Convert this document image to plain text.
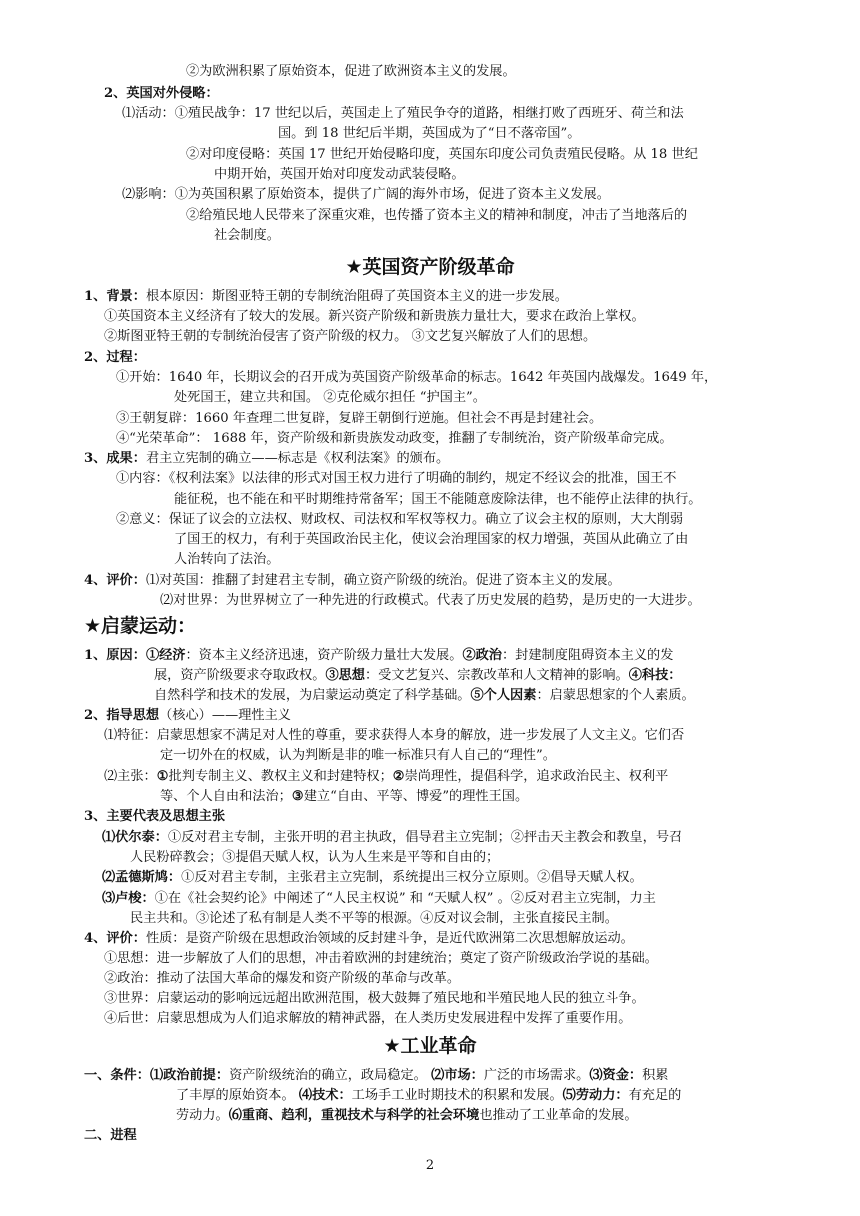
②为欧洲积累了原始资本，促进了欧洲资本主义的发展。
2、英国对外侵略：
⑴活动：①殖民战争：17 世纪以后，英国走上了殖民争夺的道路，相继打败了西班牙、荷兰和法
国。到 18 世纪后半期，英国成为了“日不落帝国”。
②对印度侵略：英国 17 世纪开始侵略印度，英国东印度公司负责殖民侵略。从 18 世纪
中期开始，英国开始对印度发动武装侵略。
⑵影响：①为英国积累了原始资本，提供了广阔的海外市场，促进了资本主义发展。
②给殖民地人民带来了深重灾难，也传播了资本主义的精神和制度，冲击了当地落后的
社会制度。
★英国资产阶级革命
1、背景：根本原因：斯图亚特王朝的专制统治阻碍了英国资本主义的进一步发展。
①英国资本主义经济有了较大的发展。新兴资产阶级和新贵族力量壮大，要求在政治上掌权。
②斯图亚特王朝的专制统治侵害了资产阶级的权力。 ③文艺复兴解放了人们的思想。
2、过程：
①开始：1640 年，长期议会的召开成为英国资产阶级革命的标志。1642 年英国内战爆发。1649 年，
处死国王，建立共和国。 ②克伦威尔担任 “护国主”。
③王朝复辟：1660 年查理二世复辟，复辟王朝倒行逆施。但社会不再是封建社会。
④“光荣革命”： 1688 年，资产阶级和新贵族发动政变，推翻了专制统治，资产阶级革命完成。
3、成果：君主立宪制的确立——标志是《权利法案》的颁布。
①内容：《权利法案》以法律的形式对国王权力进行了明确的制约，规定不经议会的批准，国王不
能征税，也不能在和平时期维持常备军；国王不能随意废除法律，也不能停止法律的执行。
②意义：保证了议会的立法权、财政权、司法权和军权等权力。确立了议会主权的原则，大大削弱
了国王的权力，有利于英国政治民主化，使议会治理国家的权力增强，英国从此确立了由
人治转向了法治。
4、评价：⑴对英国：推翻了封建君主专制，确立资产阶级的统治。促进了资本主义的发展。
⑵对世界：为世界树立了一种先进的行政模式。代表了历史发展的趋势，是历史的一大进步。
★启蒙运动：
1、原因：①经济：资本主义经济迅速，资产阶级力量壮大发展。②政治：封建制度阻碍资本主义的发
展，资产阶级要求夺取政权。③思想：受文艺复兴、宗教改革和人文精神的影响。④科技：
自然科学和技术的发展，为启蒙运动奠定了科学基础。⑤个人因素：启蒙思想家的个人素质。
2、指导思想（核心）——理性主义
⑴特征：启蒙思想家不满足对人性的尊重，要求获得人本身的解放，进一步发展了人文主义。它们否
定一切外在的权威，认为判断是非的唯一标准只有人自己的“理性”。
⑵主张：①批判专制主义、教权主义和封建特权；②崇尚理性，提倡科学，追求政治民主、权利平
等、个人自由和法治；③建立“自由、平等、博爱”的理性王国。
3、主要代表及思想主张
⑴伏尔泰：①反对君主专制，主张开明的君主执政，倡导君主立宪制；②抨击天主教会和教皇，号召
人民粉碎教会；③提倡天赋人权，认为人生来是平等和自由的；
⑵孟德斯鸠：①反对君主专制，主张君主立宪制，系统提出三权分立原则。②倡导天赋人权。
⑶卢梭：①在《社会契约论》中阐述了“人民主权说” 和 “天赋人权” 。②反对君主立宪制，力主
民主共和。③论述了私有制是人类不平等的根源。④反对议会制，主张直接民主制。
4、评价：性质：是资产阶级在思想政治领域的反封建斗争，是近代欧洲第二次思想解放运动。
①思想：进一步解放了人们的思想，冲击着欧洲的封建统治；奠定了资产阶级政治学说的基础。
②政治：推动了法国大革命的爆发和资产阶级的革命与改革。
③世界：启蒙运动的影响远远超出欧洲范围，极大鼓舞了殖民地和半殖民地人民的独立斗争。
④后世：启蒙思想成为人们追求解放的精神武器，在人类历史发展进程中发挥了重要作用。
★工业革命
一、条件：⑴政治前提：资产阶级统治的确立，政局稳定。 ⑵市场：广泛的市场需求。⑶资金：积累
了丰厚的原始资本。 ⑷技术：工场手工业时期技术的积累和发展。⑸劳动力：有充足的
劳动力。⑹重商、趋利，重视技术与科学的社会环境也推动了工业革命的发展。
二、进程
2
